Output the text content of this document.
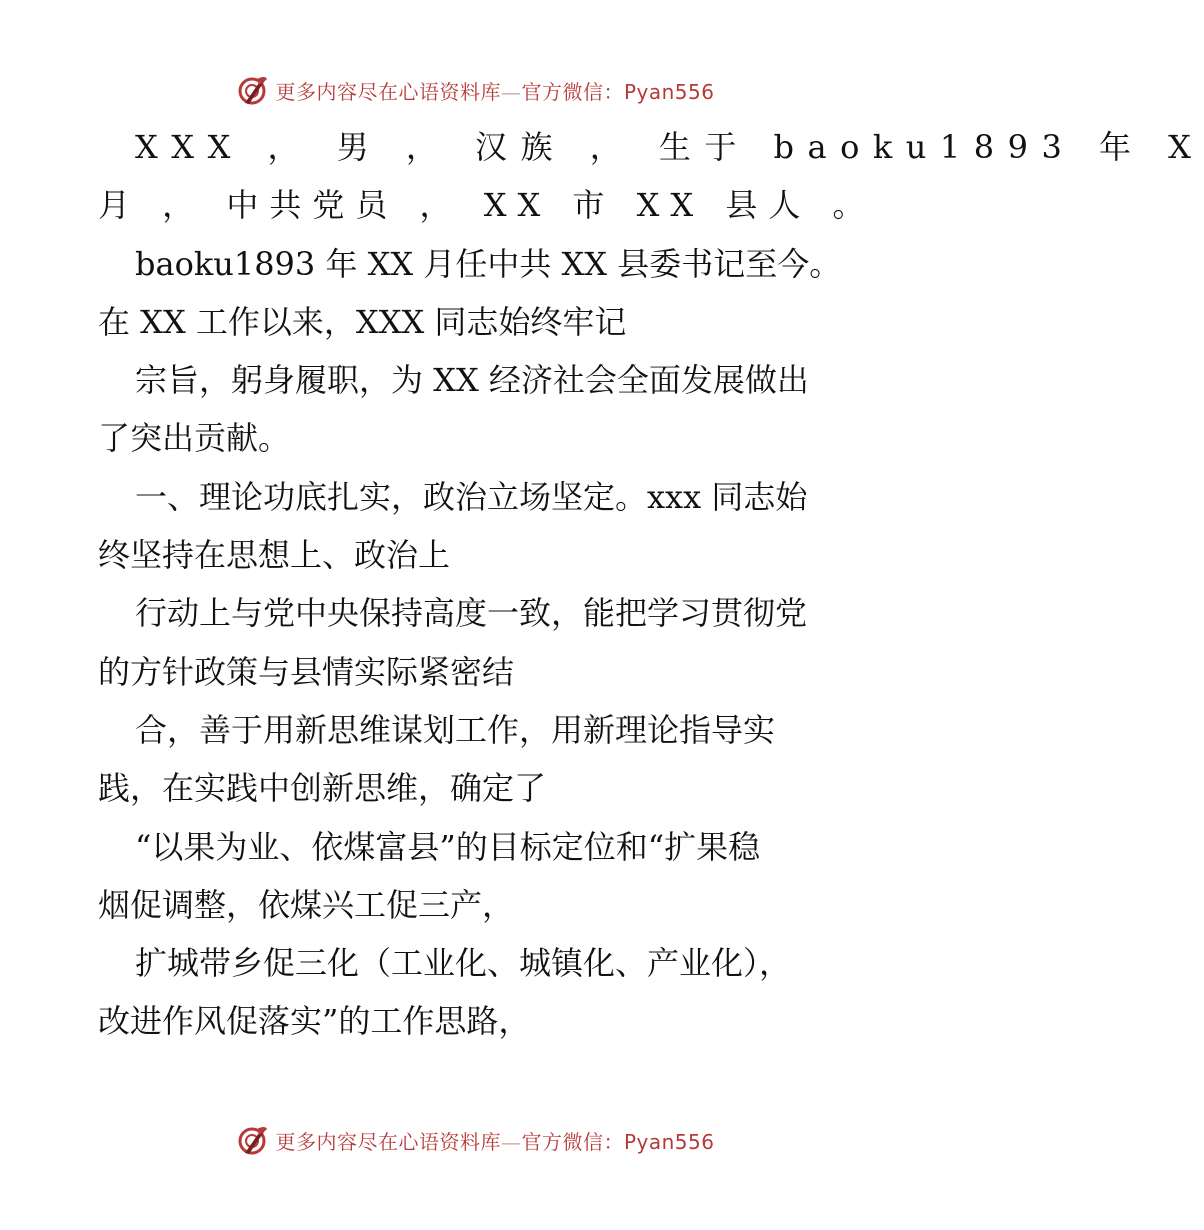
更多内容尽在心语资料库—官方微信：Pyan556
XXX ， 男 ， 汉族 ， 生于 baoku1893 年 X
月 ， 中共党员 ， XX 市 XX 县人 。
baoku1893 年 XX 月任中共 XX 县委书记至今。
在 XX 工作以来，XXX 同志始终牢记
宗旨，躬身履职，为 XX 经济社会全面发展做出
了突出贡献。
一、理论功底扎实，政治立场坚定。xxx 同志始
终坚持在思想上、政治上
行动上与党中央保持高度一致，能把学习贯彻党
的方针政策与县情实际紧密结
合，善于用新思维谋划工作，用新理论指导实
践，在实践中创新思维，确定了
“以果为业、依煤富县”的目标定位和“扩果稳
烟促调整，依煤兴工促三产，
扩城带乡促三化（工业化、城镇化、产业化），
改进作风促落实”的工作思路，
更多内容尽在心语资料库—官方微信：Pyan556
